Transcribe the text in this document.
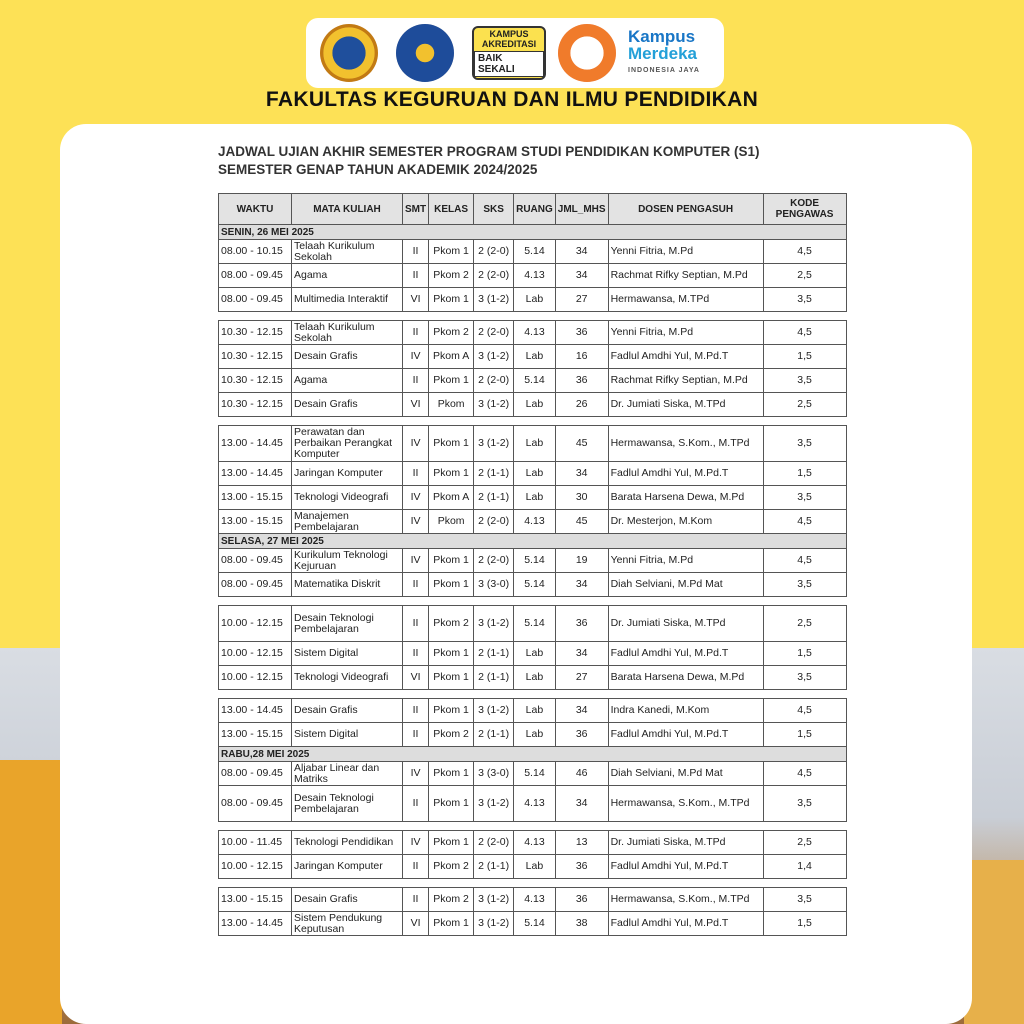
KAMPUS
AKREDITASI
BAIK SEKALI
Kampus
Merdeka
INDONESIA JAYA
FAKULTAS KEGURUAN DAN ILMU PENDIDIKAN
JADWAL UJIAN AKHIR SEMESTER PROGRAM STUDI PENDIDIKAN KOMPUTER (S1)
SEMESTER GENAP TAHUN AKADEMIK 2024/2025
WAKTU	MATA KULIAH	SMT	KELAS	SKS	RUANG	JML_MHS	DOSEN PENGASUH	KODE PENGAWAS
SENIN, 26 MEI 2025								
08.00 - 10.15	Telaah Kurikulum Sekolah	II	Pkom 1	2 (2-0)	5.14	34	Yenni Fitria, M.Pd	4,5
08.00 - 09.45	Agama	II	Pkom 2	2 (2-0)	4.13	34	Rachmat Rifky Septian, M.Pd	2,5
08.00 - 09.45	Multimedia Interaktif	VI	Pkom 1	3 (1-2)	Lab	27	Hermawansa, M.TPd	3,5

10.30 - 12.15	Telaah Kurikulum Sekolah	II	Pkom 2	2 (2-0)	4.13	36	Yenni Fitria, M.Pd	4,5
10.30 - 12.15	Desain Grafis	IV	Pkom A	3 (1-2)	Lab	16	Fadlul Amdhi Yul, M.Pd.T	1,5
10.30 - 12.15	Agama	II	Pkom 1	2 (2-0)	5.14	36	Rachmat Rifky Septian, M.Pd	3,5
10.30 - 12.15	Desain Grafis	VI	Pkom	3 (1-2)	Lab	26	Dr. Jumiati Siska, M.TPd	2,5

13.00 - 14.45	Perawatan dan Perbaikan Perangkat Komputer	IV	Pkom 1	3 (1-2)	Lab	45	Hermawansa, S.Kom., M.TPd	3,5
13.00 - 14.45	Jaringan Komputer	II	Pkom 1	2 (1-1)	Lab	34	Fadlul Amdhi Yul, M.Pd.T	1,5
13.00 - 15.15	Teknologi Videografi	IV	Pkom A	2 (1-1)	Lab	30	Barata Harsena Dewa, M.Pd	3,5
13.00 - 15.15	Manajemen Pembelajaran	IV	Pkom	2 (2-0)	4.13	45	Dr. Mesterjon, M.Kom	4,5
SELASA, 27 MEI 2025								
08.00 - 09.45	Kurikulum Teknologi Kejuruan	IV	Pkom 1	2 (2-0)	5.14	19	Yenni Fitria, M.Pd	4,5
08.00 - 09.45	Matematika Diskrit	II	Pkom 1	3 (3-0)	5.14	34	Diah Selviani, M.Pd Mat	3,5

10.00 - 12.15	Desain Teknologi Pembelajaran	II	Pkom 2	3 (1-2)	5.14	36	Dr. Jumiati Siska, M.TPd	2,5
10.00 - 12.15	Sistem Digital	II	Pkom 1	2 (1-1)	Lab	34	Fadlul Amdhi Yul, M.Pd.T	1,5
10.00 - 12.15	Teknologi Videografi	VI	Pkom 1	2 (1-1)	Lab	27	Barata Harsena Dewa, M.Pd	3,5

13.00 - 14.45	Desain Grafis	II	Pkom 1	3 (1-2)	Lab	34	Indra Kanedi, M.Kom	4,5
13.00 - 15.15	Sistem Digital	II	Pkom 2	2 (1-1)	Lab	36	Fadlul Amdhi Yul, M.Pd.T	1,5
RABU,28 MEI 2025								
08.00 - 09.45	Aljabar Linear dan Matriks	IV	Pkom 1	3 (3-0)	5.14	46	Diah Selviani, M.Pd Mat	4,5
08.00 - 09.45	Desain Teknologi Pembelajaran	II	Pkom 1	3 (1-2)	4.13	34	Hermawansa, S.Kom., M.TPd	3,5

10.00 - 11.45	Teknologi Pendidikan	IV	Pkom 1	2 (2-0)	4.13	13	Dr. Jumiati Siska, M.TPd	2,5
10.00 - 12.15	Jaringan Komputer	II	Pkom 2	2 (1-1)	Lab	36	Fadlul Amdhi Yul, M.Pd.T	1,4

13.00 - 15.15	Desain Grafis	II	Pkom 2	3 (1-2)	4.13	36	Hermawansa, S.Kom., M.TPd	3,5
13.00 - 14.45	Sistem Pendukung Keputusan	VI	Pkom 1	3 (1-2)	5.14	38	Fadlul Amdhi Yul, M.Pd.T	1,5
